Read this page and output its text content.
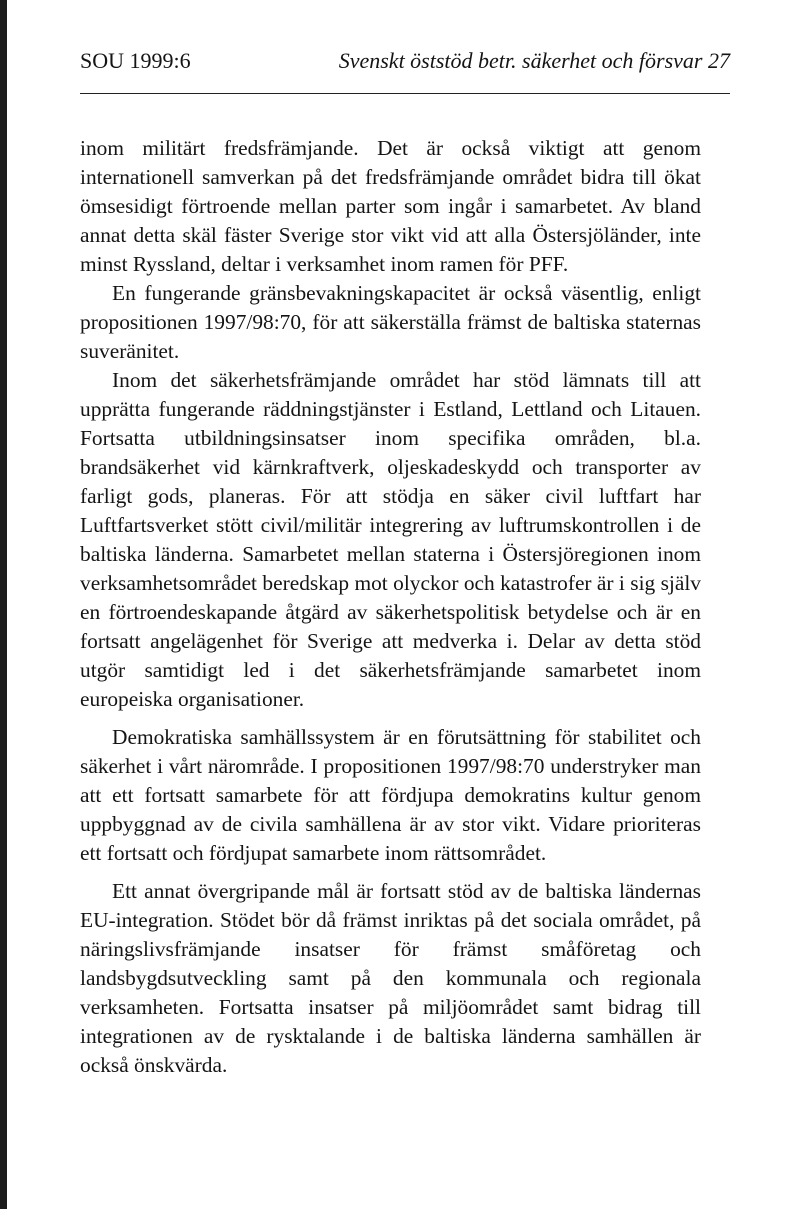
SOU 1999:6	Svenskt öststöd betr. säkerhet och försvar 27

inom militärt fredsfrämjande. Det är också viktigt att genom internationell samverkan på det fredsfrämjande området bidra till ökat ömsesidigt förtroende mellan parter som ingår i samarbetet. Av bland annat detta skäl fäster Sverige stor vikt vid att alla Östersjöländer, inte minst Ryssland, deltar i verksamhet inom ramen för PFF.

En fungerande gränsbevakningskapacitet är också väsentlig, enligt propositionen 1997/98:70, för att säkerställa främst de baltiska staternas suveränitet.

Inom det säkerhetsfrämjande området har stöd lämnats till att upprätta fungerande räddningstjänster i Estland, Lettland och Litauen. Fortsatta utbildningsinsatser inom specifika områden, bl.a. brandsäkerhet vid kärnkraftverk, oljeskadeskydd och transporter av farligt gods, planeras. För att stödja en säker civil luftfart har Luftfartsverket stött civil/militär integrering av luftrumskontrollen i de baltiska länderna. Samarbetet mellan staterna i Östersjöregionen inom verksamhetsområdet beredskap mot olyckor och katastrofer är i sig själv en förtroendeskapande åtgärd av säkerhetspolitisk betydelse och är en fortsatt angelägenhet för Sverige att medverka i. Delar av detta stöd utgör samtidigt led i det säkerhetsfrämjande samarbetet inom europeiska organisationer.

Demokratiska samhällssystem är en förutsättning för stabilitet och säkerhet i vårt närområde. I propositionen 1997/98:70 understryker man att ett fortsatt samarbete för att fördjupa demokratins kultur genom uppbyggnad av de civila samhällena är av stor vikt. Vidare prioriteras ett fortsatt och fördjupat samarbete inom rättsområdet.

Ett annat övergripande mål är fortsatt stöd av de baltiska ländernas EU-integration. Stödet bör då främst inriktas på det sociala området, på näringslivsfrämjande insatser för främst småföretag och landsbygdsutveckling samt på den kommunala och regionala verksamheten. Fortsatta insatser på miljöområdet samt bidrag till integrationen av de rysktalande i de baltiska länderna samhällen är också önskvärda.
